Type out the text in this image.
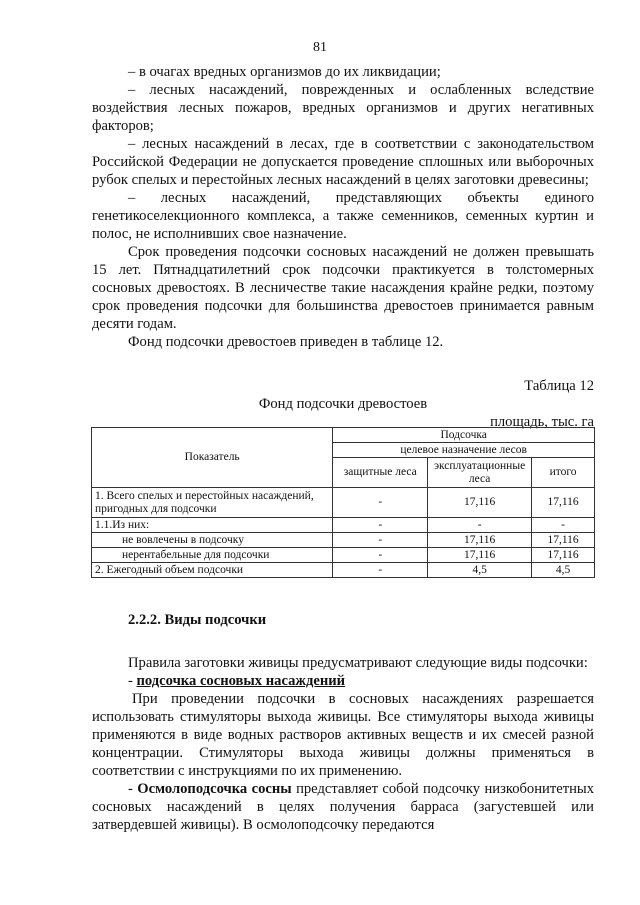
81

– в очагах вредных организмов до их ликвидации;

– лесных насаждений, поврежденных и ослабленных вследствие воздействия лесных пожаров, вредных организмов и других негативных факторов;

– лесных насаждений в лесах, где в соответствии с законодательством Российской Федерации не допускается проведение сплошных или выборочных рубок спелых и перестойных лесных насаждений в целях заготовки древесины;

– лесных насаждений, представляющих объекты единого генетикоселекционного комплекса, а также семенников, семенных куртин и полос, не исполнивших свое назначение.

Срок проведения подсочки сосновых насаждений не должен превышать 15 лет. Пятнадцатилетний срок подсочки практикуется в толстомерных сосновых древостоях. В лесничестве такие насаждения крайне редки, поэтому срок проведения подсочки для большинства древостоев принимается равным десяти годам.

Фонд подсочки древостоев приведен в таблице 12.

Таблица 12
Фонд подсочки древостоев
площадь, тыс. га
Показатель	Подсочка		
	целевое назначение лесов		
	защитные леса	эксплуатационные леса	итого
1. Всего спелых и перестойных насаждений, пригодных для подсочки	-	17,116	17,116
1.1.Из них:	-	-	-
не вовлечены в подсочку	-	17,116	17,116
нерентабельные для подсочки	-	17,116	17,116
2. Ежегодный объем подсочки	-	4,5	4,5
2.2.2. Виды подсочки

Правила заготовки живицы предусматривают следующие виды подсочки:

- подсочка сосновых насаждений

При проведении подсочки в сосновых насаждениях разрешается использовать стимуляторы выхода живицы. Все стимуляторы выхода живицы применяются в виде водных растворов активных веществ и их смесей разной концентрации. Стимуляторы выхода живицы должны применяться в соответствии с инструкциями по их применению.

- Осмолоподсочка сосны представляет собой подсочку низкобонитетных сосновых насаждений в целях получения барраса (загустевшей или затвердевшей живицы). В осмолоподсочку передаются
